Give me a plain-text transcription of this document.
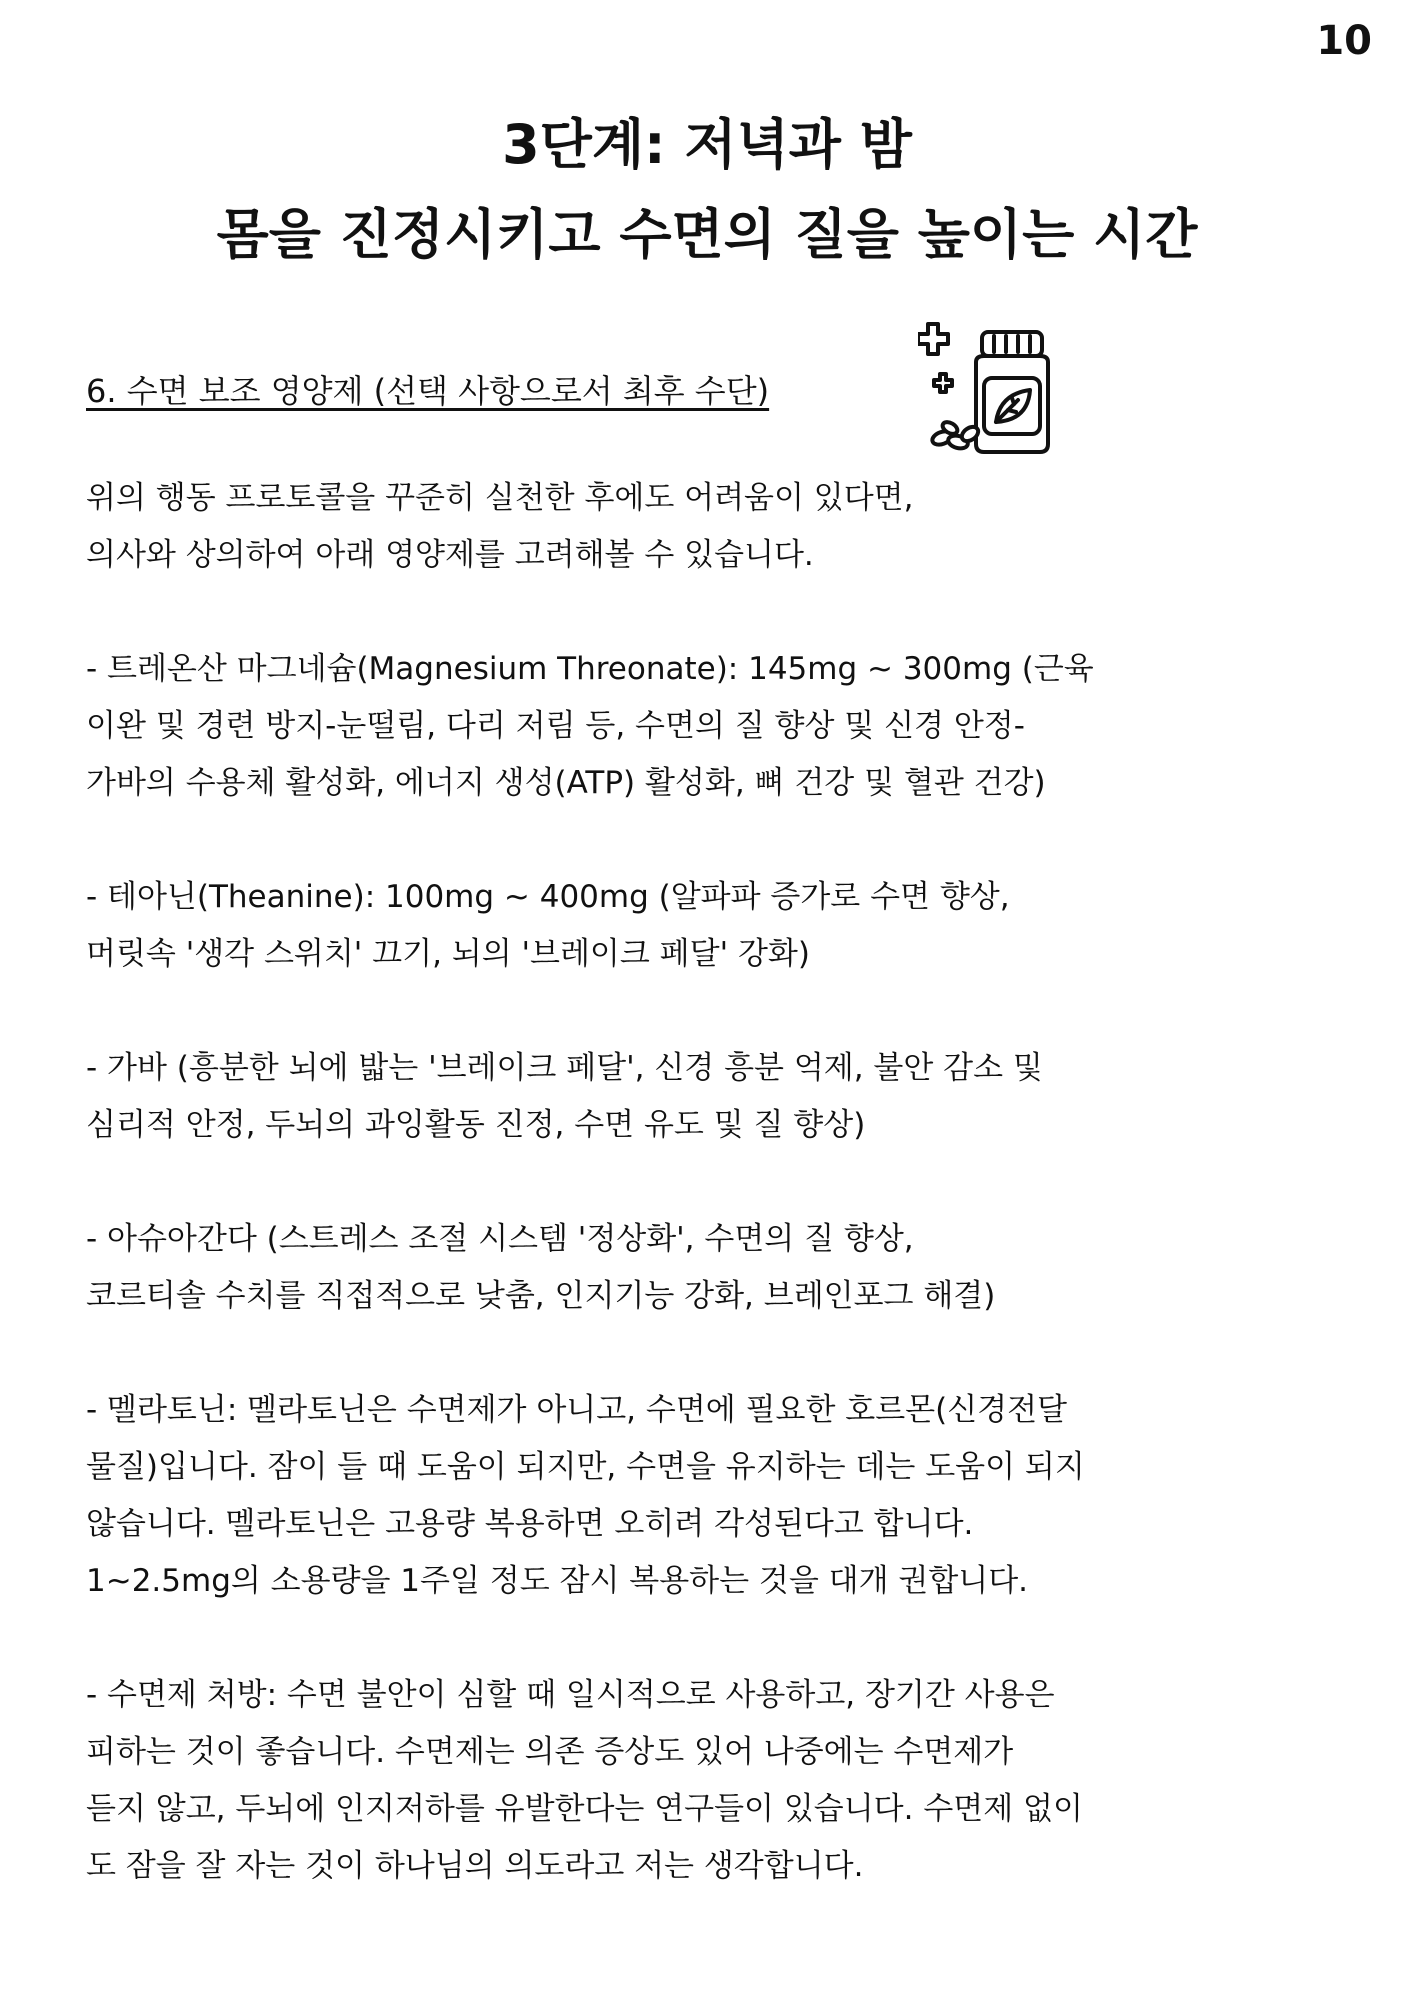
10
3단계: 저녁과 밤
몸을 진정시키고 수면의 질을 높이는 시간
6. 수면 보조 영양제 (선택 사항으로서 최후 수단)
위의 행동 프로토콜을 꾸준히 실천한 후에도 어려움이 있다면,
의사와 상의하여 아래 영양제를 고려해볼 수 있습니다.
- 트레온산 마그네슘(Magnesium Threonate): 145mg ~ 300mg (근육
이완 및 경련 방지-눈떨림, 다리 저림 등, 수면의 질 향상 및 신경 안정-
가바의 수용체 활성화, 에너지 생성(ATP) 활성화, 뼈 건강 및 혈관 건강)
- 테아닌(Theanine): 100mg ~ 400mg (알파파 증가로 수면 향상,
머릿속 '생각 스위치' 끄기, 뇌의 '브레이크 페달' 강화)
- 가바 (흥분한 뇌에 밟는 '브레이크 페달', 신경 흥분 억제, 불안 감소 및
심리적 안정, 두뇌의 과잉활동 진정, 수면 유도 및 질 향상)
- 아슈아간다 (스트레스 조절 시스템 '정상화', 수면의 질 향상,
코르티솔 수치를 직접적으로 낮춤, 인지기능 강화, 브레인포그 해결)
- 멜라토닌: 멜라토닌은 수면제가 아니고, 수면에 필요한 호르몬(신경전달
물질)입니다. 잠이 들 때 도움이 되지만, 수면을 유지하는 데는 도움이 되지
않습니다. 멜라토닌은 고용량 복용하면 오히려 각성된다고 합니다.
1~2.5mg의 소용량을 1주일 정도 잠시 복용하는 것을 대개 권합니다.
- 수면제 처방: 수면 불안이 심할 때 일시적으로 사용하고, 장기간 사용은
피하는 것이 좋습니다. 수면제는 의존 증상도 있어 나중에는 수면제가
듣지 않고, 두뇌에 인지저하를 유발한다는 연구들이 있습니다. 수면제 없이
도 잠을 잘 자는 것이 하나님의 의도라고 저는 생각합니다.
